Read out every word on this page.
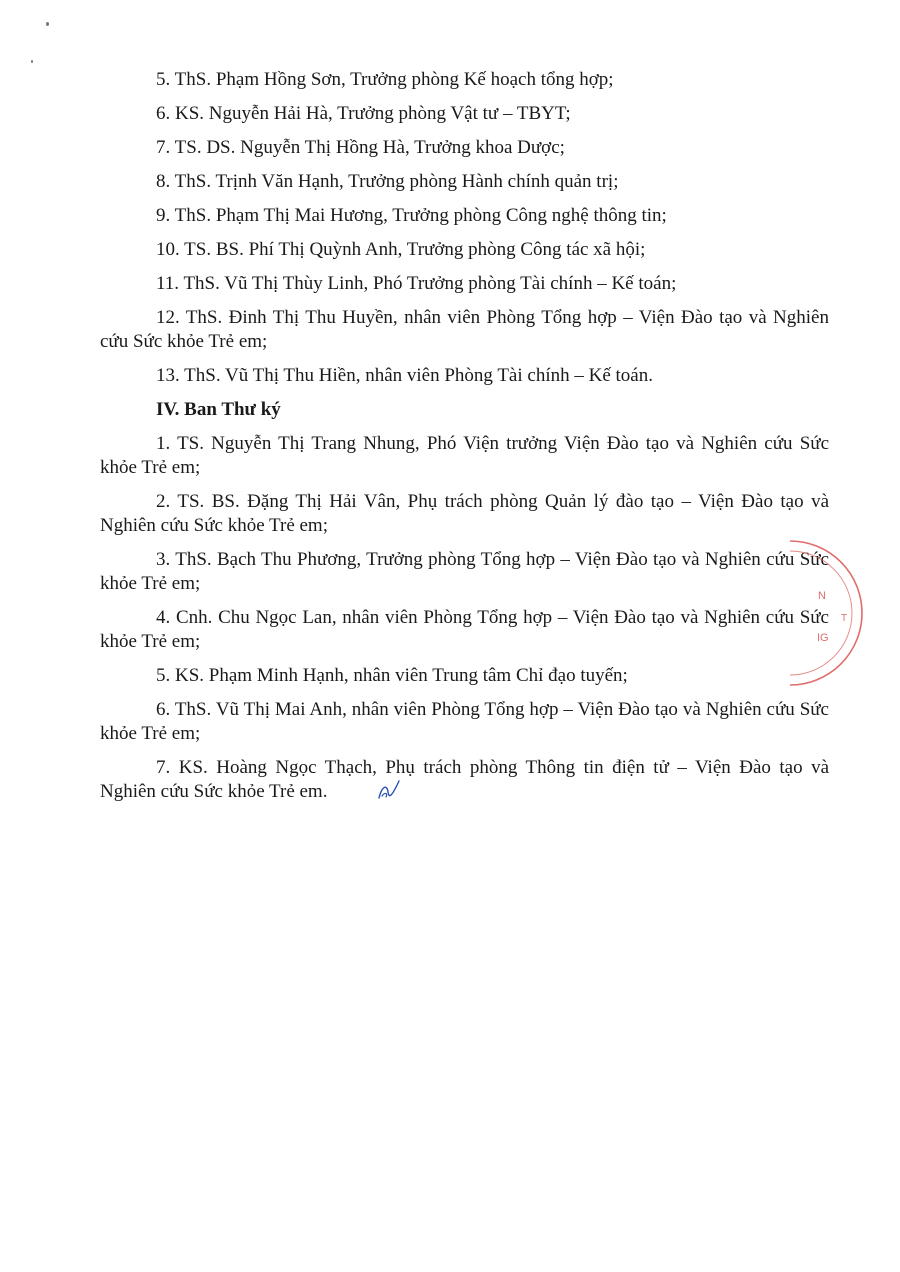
5. ThS. Phạm Hồng Sơn, Trưởng phòng Kế hoạch tổng hợp;

6. KS. Nguyễn Hải Hà, Trưởng phòng Vật tư – TBYT;

7. TS. DS. Nguyễn Thị Hồng Hà, Trưởng khoa Dược;

8. ThS. Trịnh Văn Hạnh, Trưởng phòng Hành chính quản trị;

9. ThS. Phạm Thị Mai Hương, Trưởng phòng Công nghệ thông tin;

10. TS. BS. Phí Thị Quỳnh Anh, Trưởng phòng Công tác xã hội;

11. ThS. Vũ Thị Thùy Linh, Phó Trưởng phòng Tài chính – Kế toán;

12. ThS. Đinh Thị Thu Huyền, nhân viên Phòng Tổng hợp – Viện Đào tạo và Nghiên cứu Sức khỏe Trẻ em;

13. ThS. Vũ Thị Thu Hiền, nhân viên Phòng Tài chính – Kế toán.

IV. Ban Thư ký

1. TS. Nguyễn Thị Trang Nhung, Phó Viện trưởng Viện Đào tạo và Nghiên cứu Sức khỏe Trẻ em;

2. TS. BS. Đặng Thị Hải Vân, Phụ trách phòng Quản lý đào tạo – Viện Đào tạo và Nghiên cứu Sức khỏe Trẻ em;

3. ThS. Bạch Thu Phương, Trưởng phòng Tổng hợp – Viện Đào tạo và Nghiên cứu Sức khỏe Trẻ em;

4. Cnh. Chu Ngọc Lan, nhân viên Phòng Tổng hợp – Viện Đào tạo và Nghiên cứu Sức khỏe Trẻ em;

5. KS. Phạm Minh Hạnh, nhân viên Trung tâm Chỉ đạo tuyến;

6. ThS. Vũ Thị Mai Anh, nhân viên Phòng Tổng hợp – Viện Đào tạo và Nghiên cứu Sức khỏe Trẻ em;

7. KS. Hoàng Ngọc Thạch, Phụ trách phòng Thông tin điện tử – Viện Đào tạo và Nghiên cứu Sức khỏe Trẻ em.

N
T
IG
